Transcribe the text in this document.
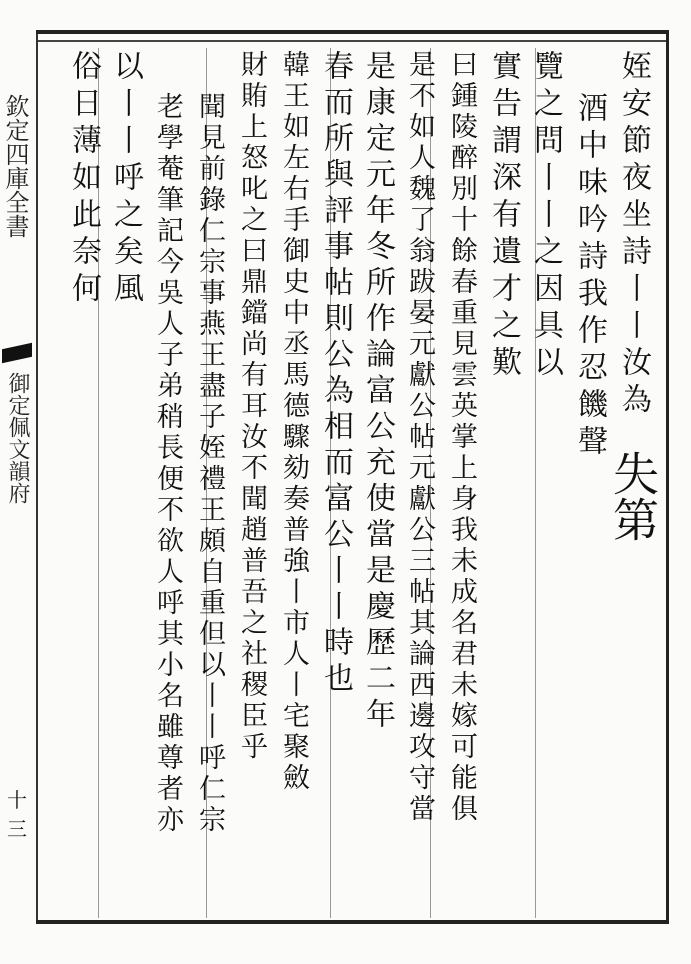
欽定四庫全書
御定佩文韻府
十三
姪安節夜坐詩丨丨汝為
酒中味吟詩我作忍饑聲
覽之問丨丨之因具以
實告謂深有遺才之歎
曰鍾陵醉別十餘春重見雲英掌上身我未成名君未嫁可能俱
是不如人魏了翁跋晏元獻公帖元獻公三帖其論西邊攻守當
是康定元年冬所作論富公充使當是慶歷二年
春而所與評事帖則公為相而富公丨丨時也
韓王如左右手御史中丞馬德驟劾奏普強丨市人丨宅聚斂
財賄上怒叱之曰鼎鐺尚有耳汝不聞趙普吾之社稷臣乎
聞見前錄仁宗事燕王盡子姪禮王頗自重但以丨丨呼仁宗
老學菴筆記今吳人子弟稍長便不欲人呼其小名雖尊者亦
以丨丨呼之矣風
俗日薄如此奈何
失第
